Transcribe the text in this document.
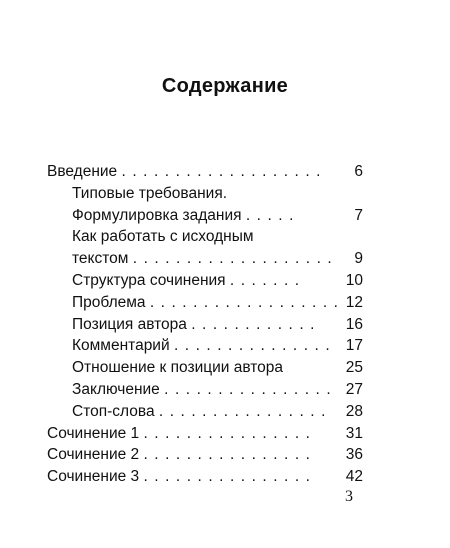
Содержание
Введение . . . . . . . . . . . . . . . . . . . 6
Типовые требования.
Формулировка задания . . . . .	7
Как работать с исходным
текстом . . . . . . . . . . . . . . . . . . . 9
Структура сочинения . . . . . . .	10
Проблема . . . . . . . . . . . . . . . . . . 12
Позиция автора . . . . . . . . . . . . 16
Комментарий . . . . . . . . . . . . . . . 17
Отношение к позиции автора	25
Заключение . . . . . . . . . . . . . . . . 27
Стоп-слова . . . . . . . . . . . . . . . . 28
Сочинение 1 . . . . . . . . . . . . . . . . 31
Сочинение 2 . . . . . . . . . . . . . . . . 36
Сочинение 3 . . . . . . . . . . . . . . . . 42
3
